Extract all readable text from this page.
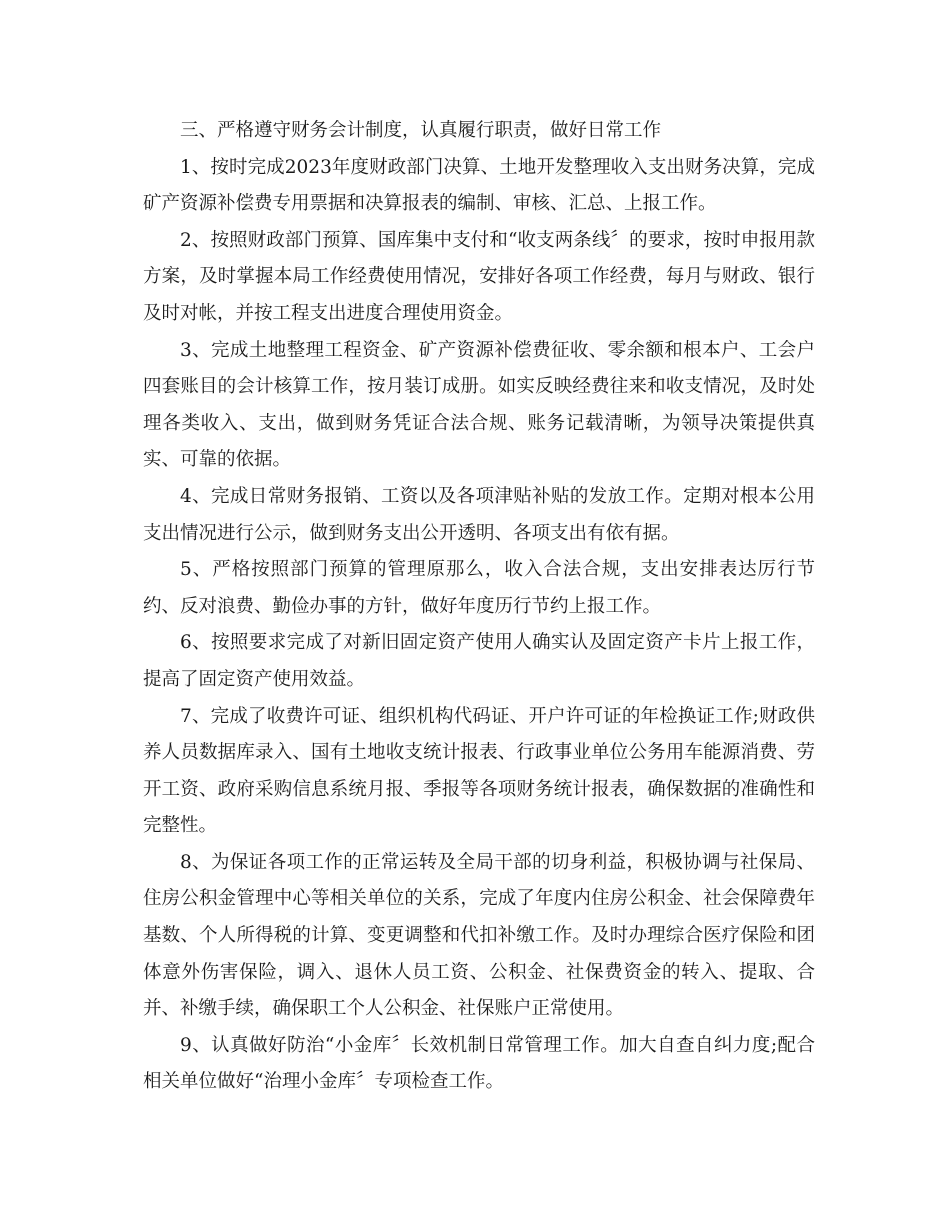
三、严格遵守财务会计制度，认真履行职责，做好日常工作

1、按时完成2023年度财政部门决算、土地开发整理收入支出财务决算，完成矿产资源补偿费专用票据和决算报表的编制、审核、汇总、上报工作。

2、按照财政部门预算、国库集中支付和“收支两条线〞的要求，按时申报用款方案，及时掌握本局工作经费使用情况，安排好各项工作经费，每月与财政、银行及时对帐，并按工程支出进度合理使用资金。

3、完成土地整理工程资金、矿产资源补偿费征收、零余额和根本户、工会户四套账目的会计核算工作，按月装订成册。如实反映经费往来和收支情况，及时处理各类收入、支出，做到财务凭证合法合规、账务记载清晰，为领导决策提供真实、可靠的依据。

4、完成日常财务报销、工资以及各项津贴补贴的发放工作。定期对根本公用支出情况进行公示，做到财务支出公开透明、各项支出有依有据。

5、严格按照部门预算的管理原那么，收入合法合规，支出安排表达厉行节约、反对浪费、勤俭办事的方针，做好年度历行节约上报工作。

6、按照要求完成了对新旧固定资产使用人确实认及固定资产卡片上报工作，提高了固定资产使用效益。

7、完成了收费许可证、组织机构代码证、开户许可证的年检换证工作;财政供养人员数据库录入、国有土地收支统计报表、行政事业单位公务用车能源消费、劳开工资、政府采购信息系统月报、季报等各项财务统计报表，确保数据的准确性和完整性。

8、为保证各项工作的正常运转及全局干部的切身利益，积极协调与社保局、住房公积金管理中心等相关单位的关系，完成了年度内住房公积金、社会保障费年基数、个人所得税的计算、变更调整和代扣补缴工作。及时办理综合医疗保险和团体意外伤害保险，调入、退休人员工资、公积金、社保费资金的转入、提取、合并、补缴手续，确保职工个人公积金、社保账户正常使用。

9、认真做好防治“小金库〞长效机制日常管理工作。加大自查自纠力度;配合相关单位做好“治理小金库〞专项检查工作。
